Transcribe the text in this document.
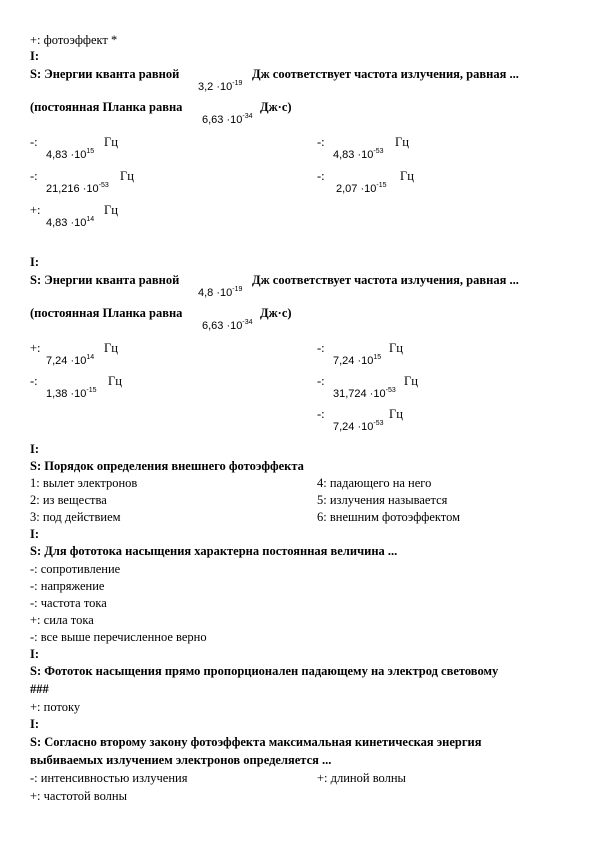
+: фотоэффект *
I:
S: Энергии кванта равной
$3,2 \cdot 10^{-19}$
Дж соответствует частота излучения, равная ...
(постоянная Планка равна
$6,63 \cdot 10^{-34}$
Дж·с)
-:	Гц
$4,83 \cdot 10^{15}$
-:	Гц
$4,83 \cdot 10^{-53}$
-:	Гц
$21,216 \cdot 10^{-53}$
-:	Гц
$2,07 \cdot 10^{-15}$
+:	Гц
$4,83 \cdot 10^{14}$
I:
S: Энергии кванта равной
$4,8 \cdot 10^{-19}$
Дж соответствует частота излучения, равная ...
(постоянная Планка равна
$6,63 \cdot 10^{-34}$
Дж·с)
+:	Гц
$7,24 \cdot 10^{14}$
-:	Гц
$7,24 \cdot 10^{15}$
-:	Гц
$1,38 \cdot 10^{-15}$
-:	Гц
$31,724 \cdot 10^{-53}$
-:	Гц
$7,24 \cdot 10^{-53}$
I:
S: Порядок определения внешнего фотоэффекта
1: вылет электронов	4: падающего на него
2: из вещества	5: излучения называется
3: под действием	6: внешним фотоэффектом
I:
S: Для фототока насыщения характерна постоянная величина ...
-: сопротивление
-: напряжение
-: частота тока
+: сила тока
-: все выше перечисленное верно
I:
S: Фототок насыщения прямо пропорционален падающему на электрод световому
###
+: потоку
I:
S: Согласно второму закону фотоэффекта максимальная кинетическая энергия
выбиваемых излучением электронов определяется ...
-: интенсивностью излучения	+: длиной волны
+: частотой волны
